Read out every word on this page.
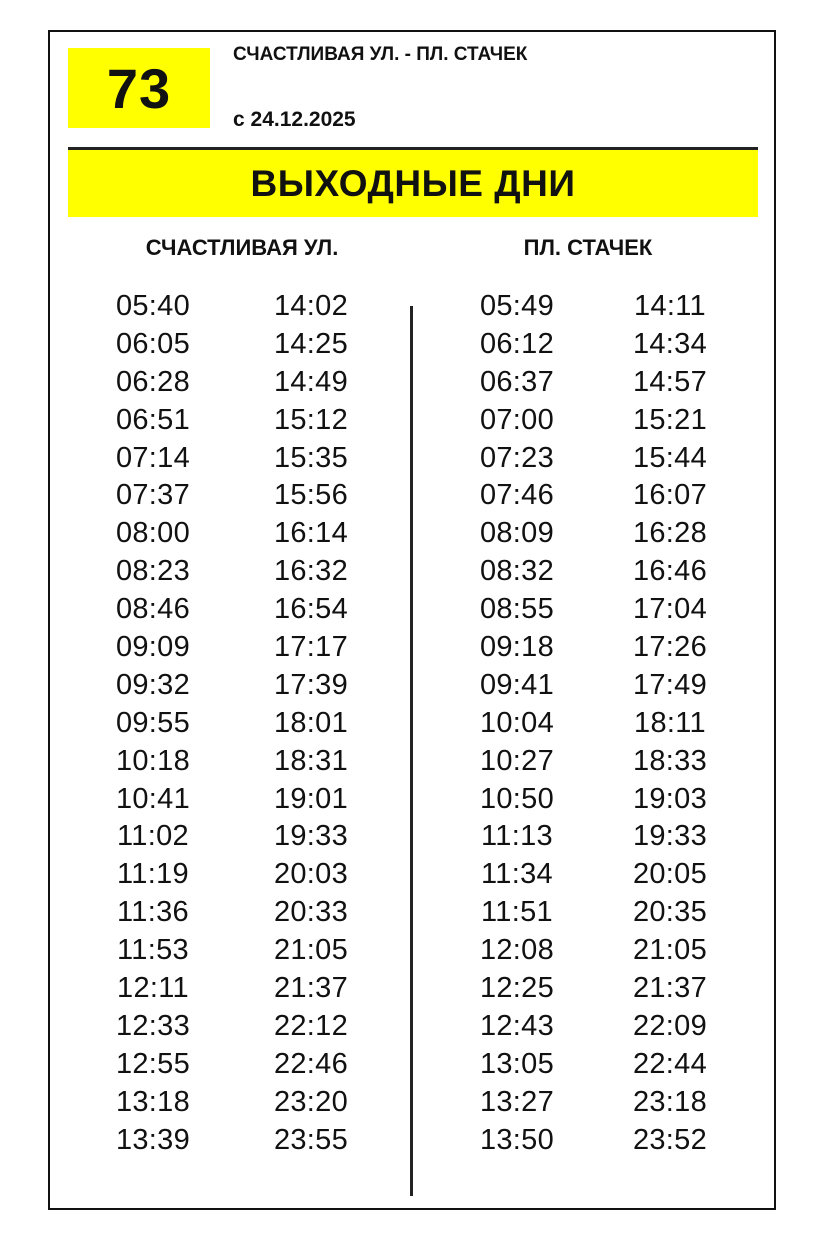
73
СЧАСТЛИВАЯ УЛ. - ПЛ. СТАЧЕК
с 24.12.2025
ВЫХОДНЫЕ ДНИ
СЧАСТЛИВАЯ УЛ.	ПЛ. СТАЧЕК
05:40
06:05
06:28
06:51
07:14
07:37
08:00
08:23
08:46
09:09
09:32
09:55
10:18
10:41
11:02
11:19
11:36
11:53
12:11
12:33
12:55
13:18
13:39
14:02
14:25
14:49
15:12
15:35
15:56
16:14
16:32
16:54
17:17
17:39
18:01
18:31
19:01
19:33
20:03
20:33
21:05
21:37
22:12
22:46
23:20
23:55
05:49
06:12
06:37
07:00
07:23
07:46
08:09
08:32
08:55
09:18
09:41
10:04
10:27
10:50
11:13
11:34
11:51
12:08
12:25
12:43
13:05
13:27
13:50
14:11
14:34
14:57
15:21
15:44
16:07
16:28
16:46
17:04
17:26
17:49
18:11
18:33
19:03
19:33
20:05
20:35
21:05
21:37
22:09
22:44
23:18
23:52
